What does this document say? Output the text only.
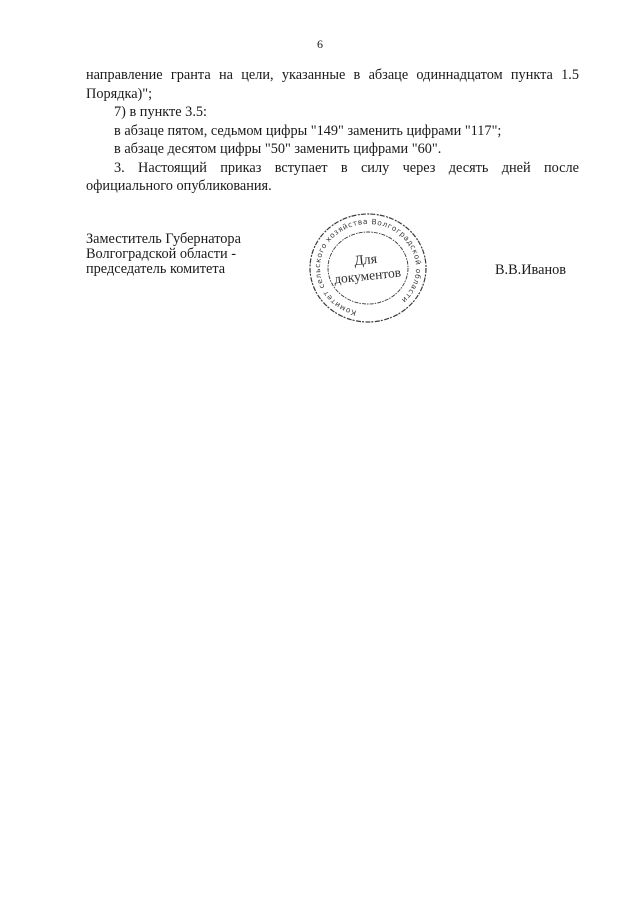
6

направление гранта на цели, указанные в абзаце одиннадцатом пункта 1.5

Порядка)";

7) в пункте 3.5:

в абзаце пятом, седьмом цифры "149" заменить цифрами "117";

в абзаце десятом цифры "50" заменить цифрами "60".

3. Настоящий приказ вступает в силу через десять дней после

официального опубликования.

Заместитель Губернатора
Волгоградской области -
председатель комитета
Комитет сельского хозяйства Волгоградской области
Для
документов	В.В.Иванов
